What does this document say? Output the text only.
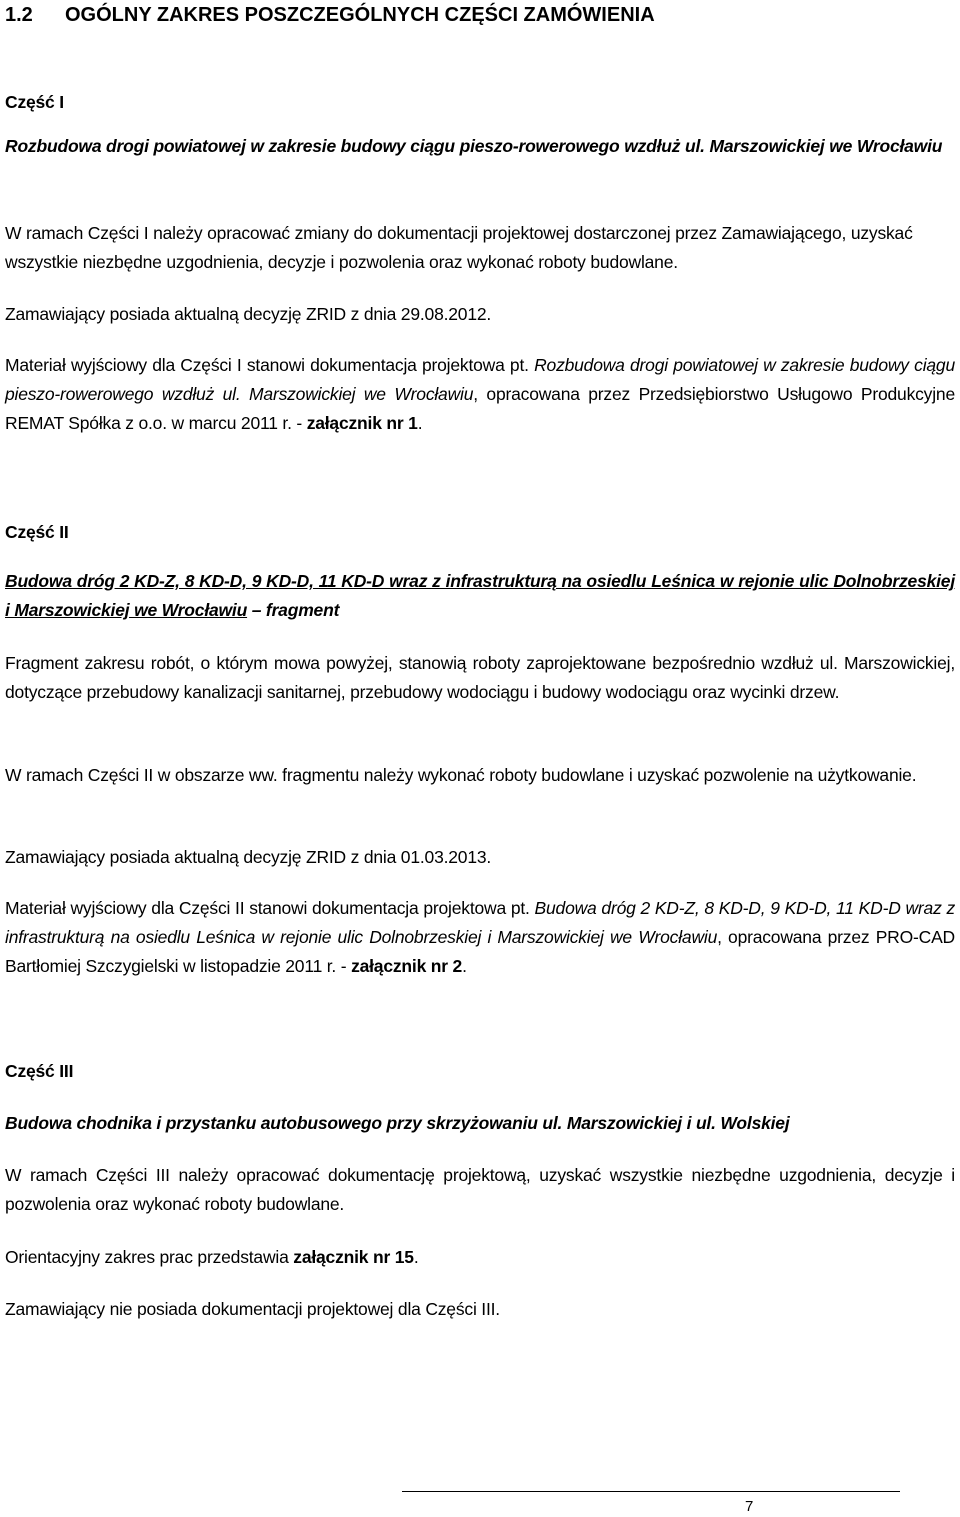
1.2 OGÓLNY ZAKRES POSZCZEGÓLNYCH CZĘŚCI ZAMÓWIENIA

Część I

Rozbudowa drogi powiatowej w zakresie budowy ciągu pieszo-rowerowego wzdłuż ul. Marszowickiej we Wrocławiu

W ramach Części I należy opracować zmiany do dokumentacji projektowej dostarczonej przez Zamawiającego, uzyskać wszystkie niezbędne uzgodnienia, decyzje i pozwolenia oraz wykonać roboty budowlane.

Zamawiający posiada aktualną decyzję ZRID z dnia 29.08.2012.

Materiał wyjściowy dla Części I stanowi dokumentacja projektowa pt. Rozbudowa drogi powiatowej w zakresie budowy ciągu pieszo-rowerowego wzdłuż ul. Marszowickiej we Wrocławiu, opracowana przez Przedsiębiorstwo Usługowo Produkcyjne REMAT Spółka z o.o. w marcu 2011 r. - załącznik nr 1.

Część II

Budowa dróg 2 KD-Z, 8 KD-D, 9 KD-D, 11 KD-D wraz z infrastrukturą na osiedlu Leśnica w rejonie ulic Dolnobrzeskiej i Marszowickiej we Wrocławiu – fragment

Fragment zakresu robót, o którym mowa powyżej, stanowią roboty zaprojektowane bezpośrednio wzdłuż ul. Marszowickiej, dotyczące przebudowy kanalizacji sanitarnej, przebudowy wodociągu i budowy wodociągu oraz wycinki drzew.

W ramach Części II w obszarze ww. fragmentu należy wykonać roboty budowlane i uzyskać pozwolenie na użytkowanie.

Zamawiający posiada aktualną decyzję ZRID z dnia 01.03.2013.

Materiał wyjściowy dla Części II stanowi dokumentacja projektowa pt. Budowa dróg 2 KD-Z, 8 KD-D, 9 KD-D, 11 KD-D wraz z infrastrukturą na osiedlu Leśnica w rejonie ulic Dolnobrzeskiej i Marszowickiej we Wrocławiu, opracowana przez PRO-CAD Bartłomiej Szczygielski w listopadzie 2011 r. - załącznik nr 2.

Część III

Budowa chodnika i przystanku autobusowego przy skrzyżowaniu ul. Marszowickiej i ul. Wolskiej

W ramach Części III należy opracować dokumentację projektową, uzyskać wszystkie niezbędne uzgodnienia, decyzje i pozwolenia oraz wykonać roboty budowlane.

Orientacyjny zakres prac przedstawia załącznik nr 15.

Zamawiający nie posiada dokumentacji projektowej dla Części III.

7
